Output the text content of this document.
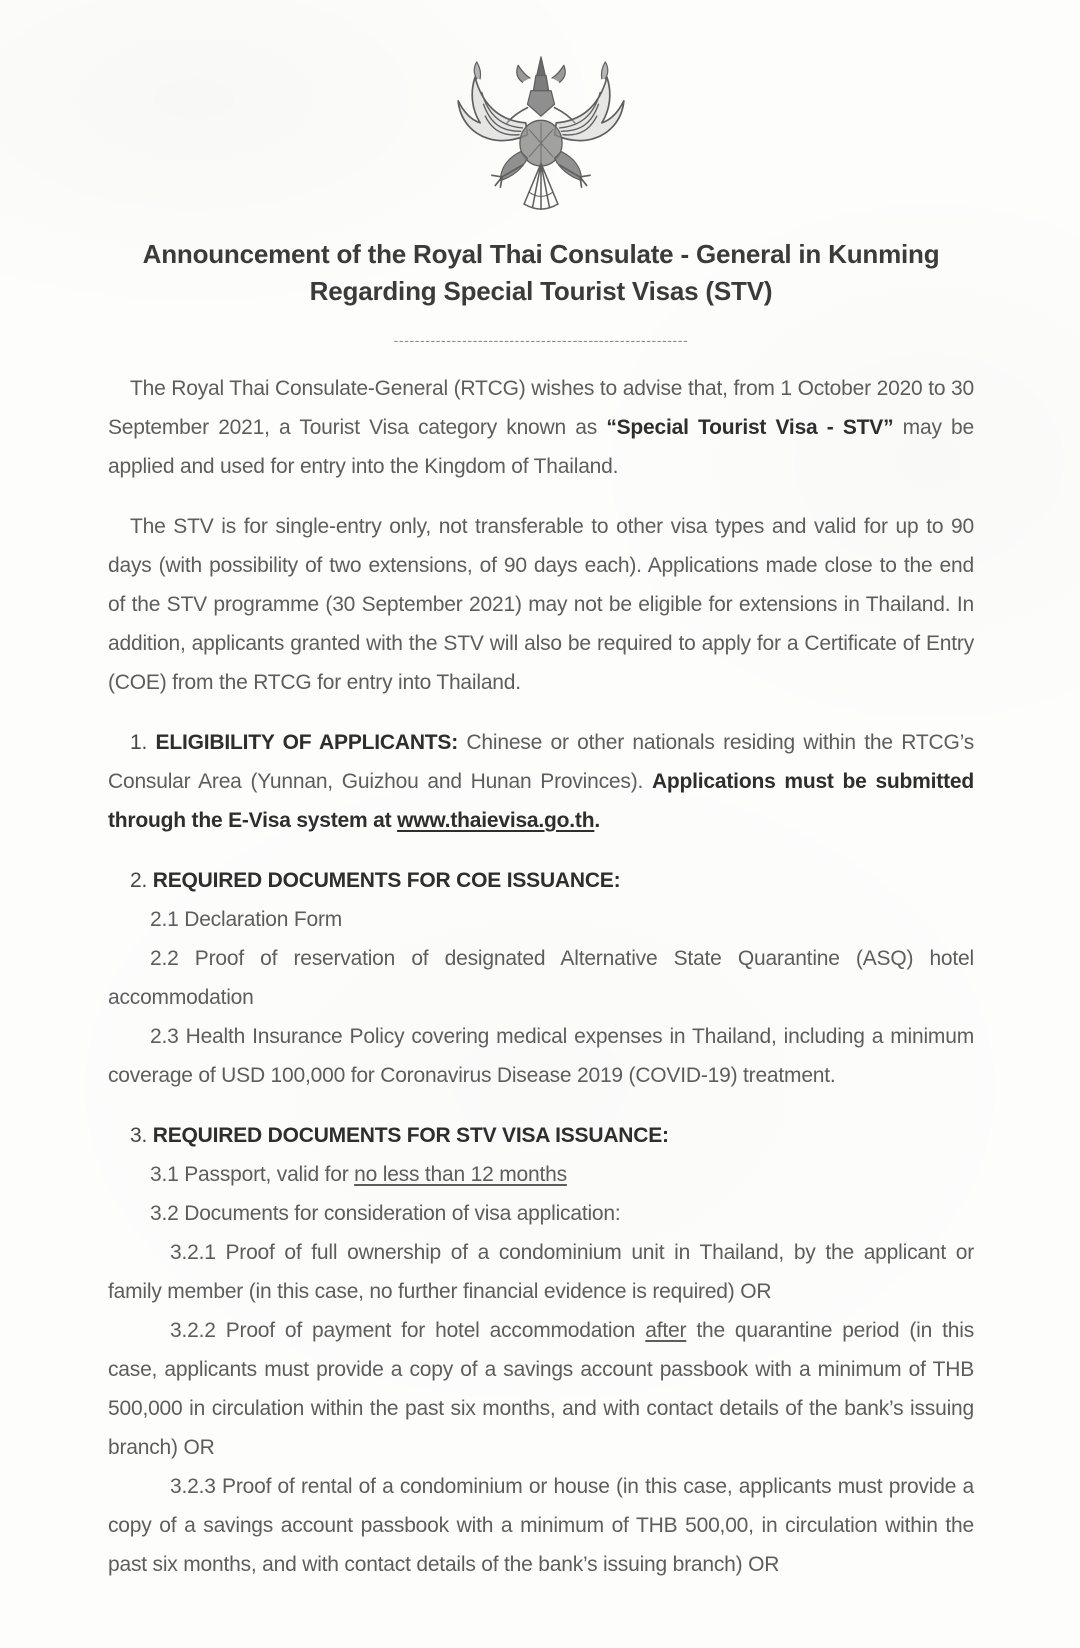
Announcement of the Royal Thai Consulate - General in Kunming
Regarding Special Tourist Visas (STV)
--------------------------------------------------------

The Royal Thai Consulate-General (RTCG) wishes to advise that, from 1 October 2020 to 30 September 2021, a Tourist Visa category known as “Special Tourist Visa - STV” may be applied and used for entry into the Kingdom of Thailand.

The STV is for single-entry only, not transferable to other visa types and valid for up to 90 days (with possibility of two extensions, of 90 days each). Applications made close to the end of the STV programme (30 September 2021) may not be eligible for extensions in Thailand. In addition, applicants granted with the STV will also be required to apply for a Certificate of Entry (COE) from the RTCG for entry into Thailand.

1. ELIGIBILITY OF APPLICANTS: Chinese or other nationals residing within the RTCG’s Consular Area (Yunnan, Guizhou and Hunan Provinces). Applications must be submitted through the E-Visa system at www.thaievisa.go.th.

2. REQUIRED DOCUMENTS FOR COE ISSUANCE:

2.1 Declaration Form

2.2 Proof of reservation of designated Alternative State Quarantine (ASQ) hotel accommodation

2.3 Health Insurance Policy covering medical expenses in Thailand, including a minimum coverage of USD 100,000 for Coronavirus Disease 2019 (COVID-19) treatment.

3. REQUIRED DOCUMENTS FOR STV VISA ISSUANCE:

3.1 Passport, valid for no less than 12 months

3.2 Documents for consideration of visa application:

3.2.1 Proof of full ownership of a condominium unit in Thailand, by the applicant or family member (in this case, no further financial evidence is required) OR

3.2.2 Proof of payment for hotel accommodation after the quarantine period (in this case, applicants must provide a copy of a savings account passbook with a minimum of THB 500,000 in circulation within the past six months, and with contact details of the bank’s issuing branch) OR

3.2.3 Proof of rental of a condominium or house (in this case, applicants must provide a copy of a savings account passbook with a minimum of THB 500,00, in circulation within the past six months, and with contact details of the bank’s issuing branch) OR
